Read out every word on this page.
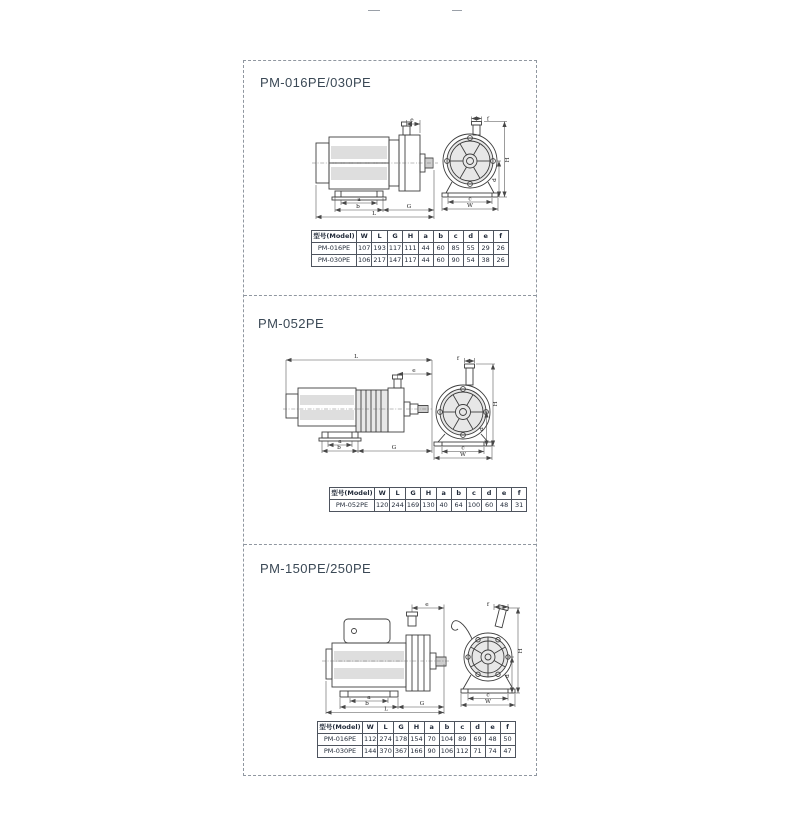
PM-016PE/030PE
e
a
b	G
L
f
H
d
c
W
型号(Model)	W	L	G	H	a	b	c	d	e	f
PM-016PE	107	193	117	111	44	60	85	55	29	26
PM-030PE	106	217	147	117	44	60	90	54	38	26
PM-052PE
L
e
a
b	G
f
H
d
c
W
型号(Model)	W	L	G	H	a	b	c	d	e	f
PM-052PE	120	244	169	130	40	64	100	60	48	31
PM-150PE/250PE
e
a
b	G
L
f
H
d
c
W
型号(Model)	W	L	G	H	a	b	c	d	e	f
PM-016PE	112	274	178	154	70	104	89	69	48	50
PM-030PE	144	370	367	166	90	106	112	71	74	47
